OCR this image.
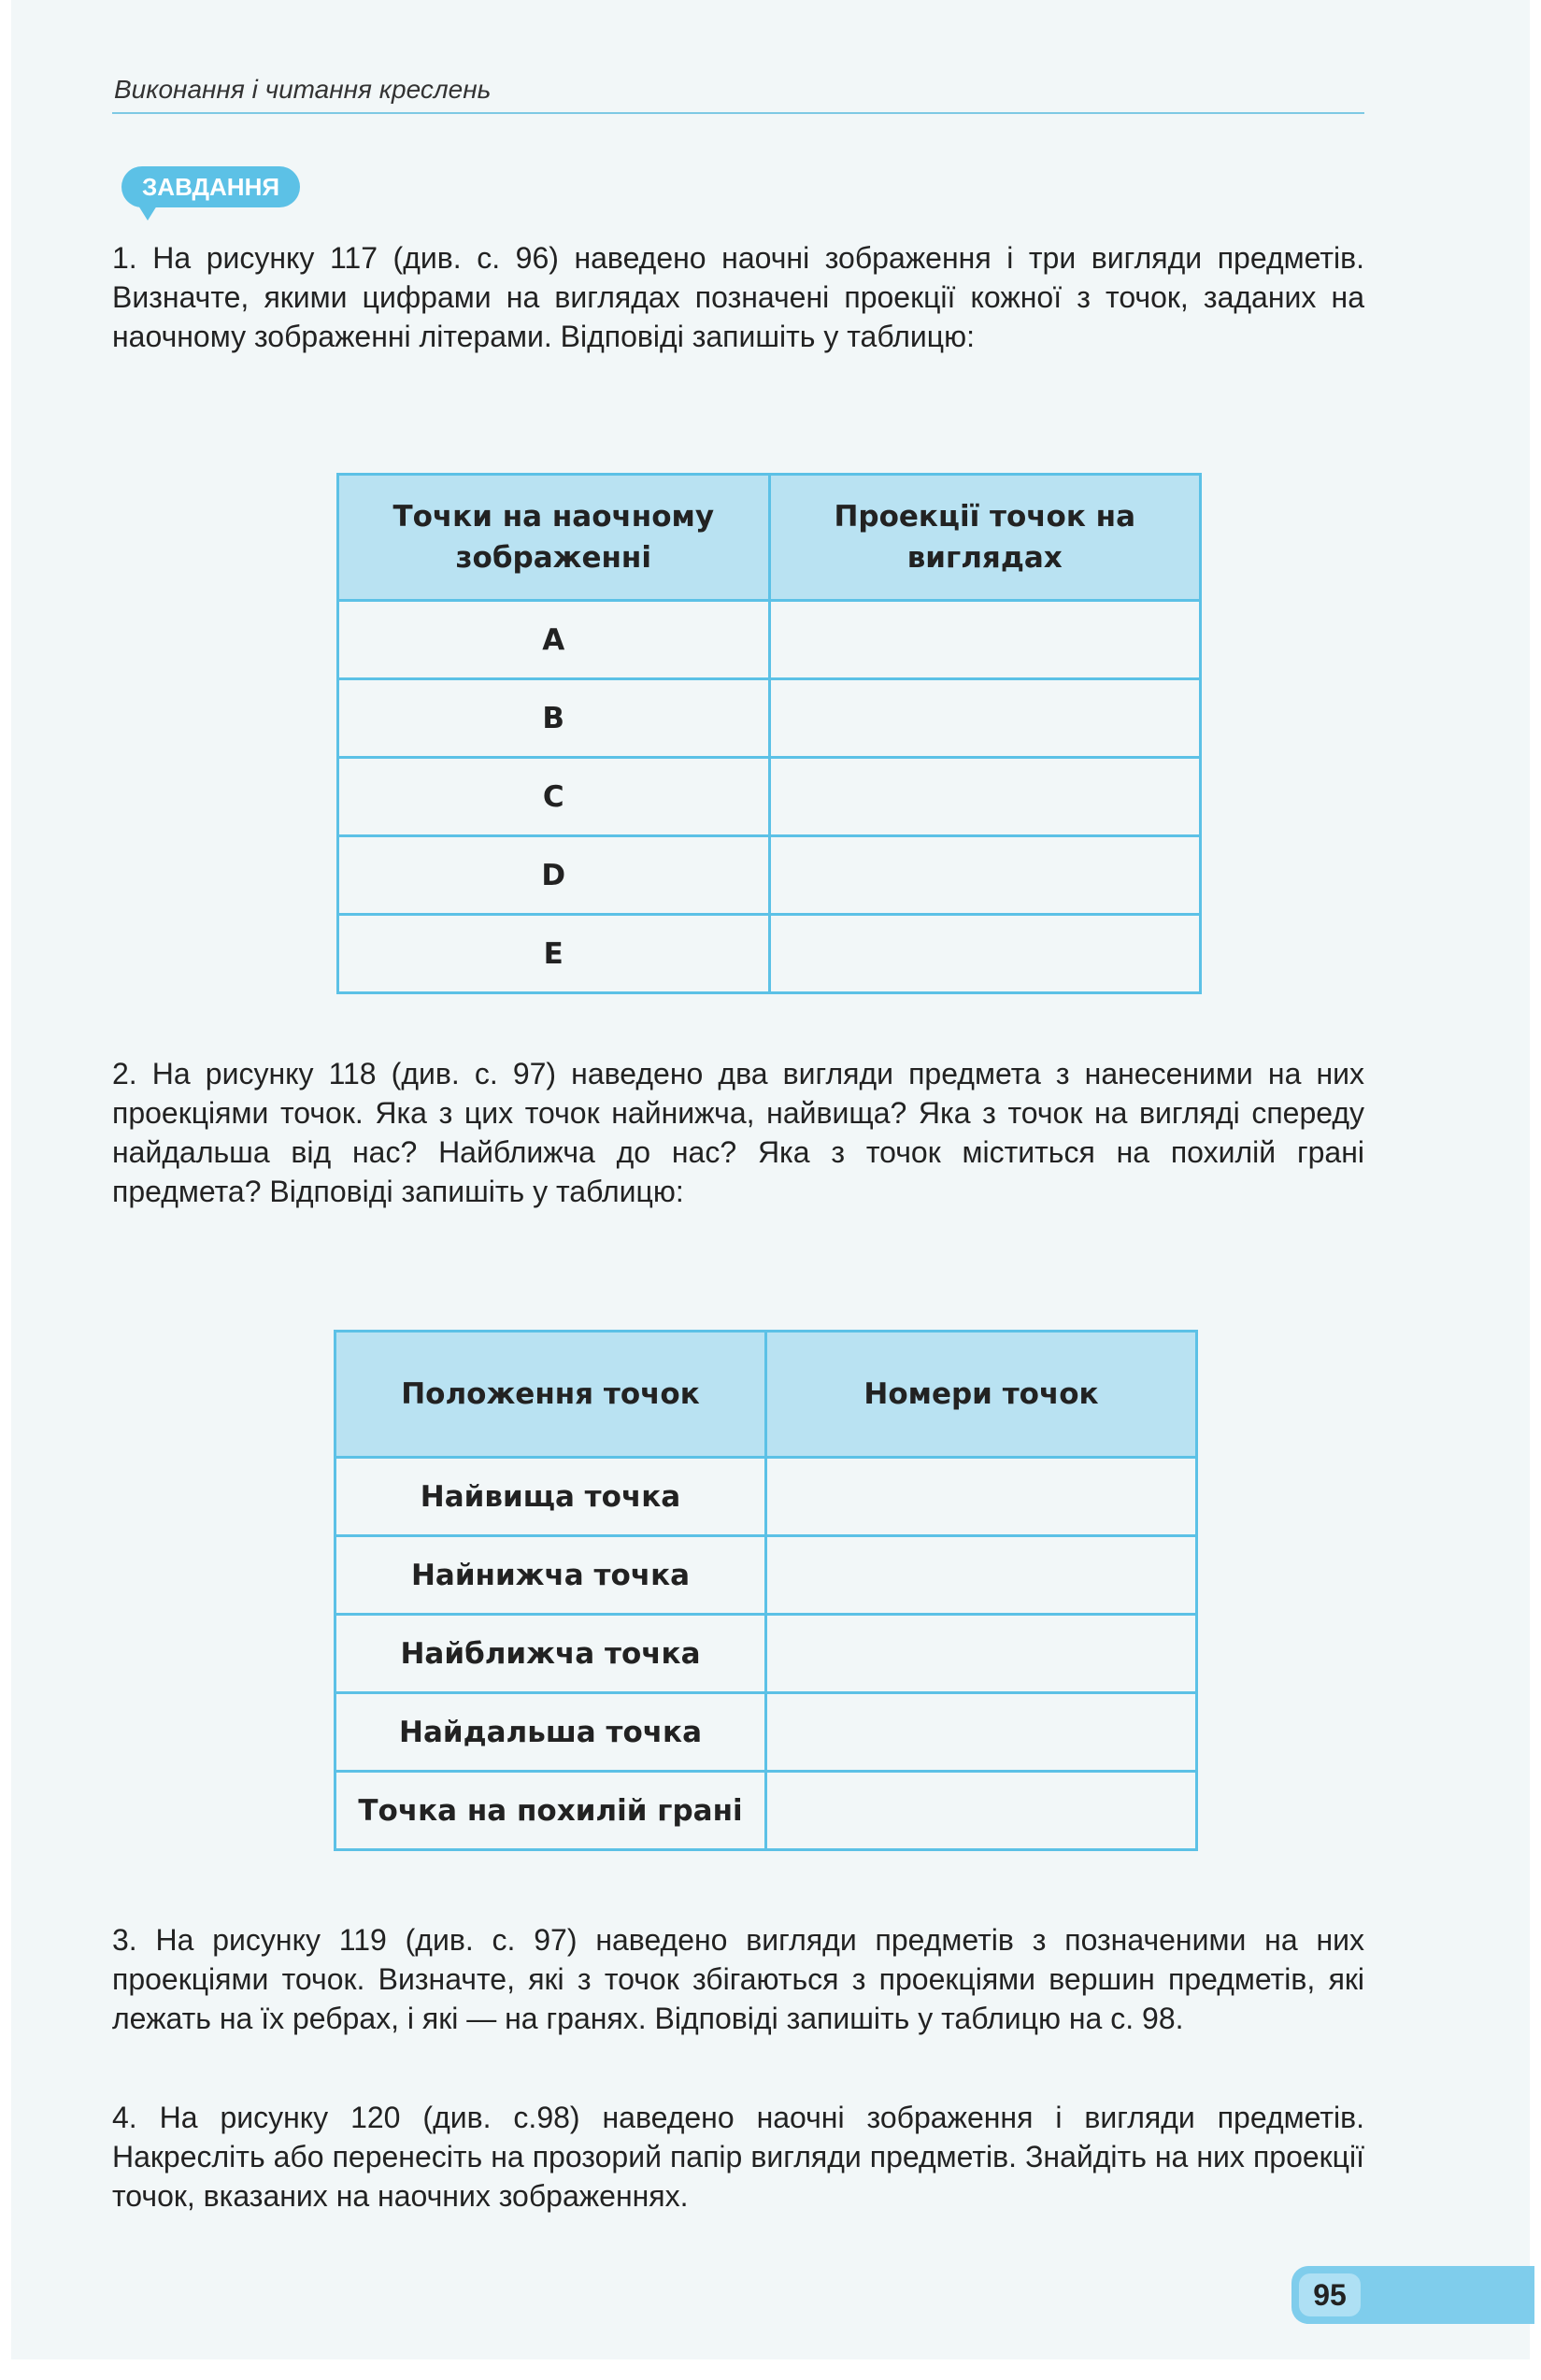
Виконання і читання креслень
ЗАВДАННЯ

1. На рисунку 117 (див. с. 96) наведено наочні зображення і три вигляди предметів. Визначте, якими цифрами на виглядах позначені проекції кожної з точок, заданих на наочному зображенні літерами. Відповіді запишіть у таблицю:

Точки на наочному зображенні	Проекції точок на виглядах
A	
B	
C	
D	
E	

2. На рисунку 118 (див. с. 97) наведено два вигляди предмета з нанесеними на них проекціями точок. Яка з цих точок найнижча, найвища? Яка з точок на вигляді спереду найдальша від нас? Найближча до нас? Яка з точок міститься на похилій грані предмета? Відповіді запишіть у таблицю:

Положення точок	Номери точок
Найвища точка	
Найнижча точка	
Найближча точка	
Найдальша точка	
Точка на похилій грані	

3. На рисунку 119 (див. с. 97) наведено вигляди предметів з позначеними на них проекціями точок. Визначте, які з точок збігаються з проекціями вершин предметів, які лежать на їх ребрах, і які — на гранях. Відповіді запишіть у таблицю на с. 98.

4. На рисунку 120 (див. с.98) наведено наочні зображення і вигляди предметів. Накресліть або перенесіть на прозорий папір вигляди предметів. Знайдіть на них проекції точок, вказаних на наочних зображеннях.

95
